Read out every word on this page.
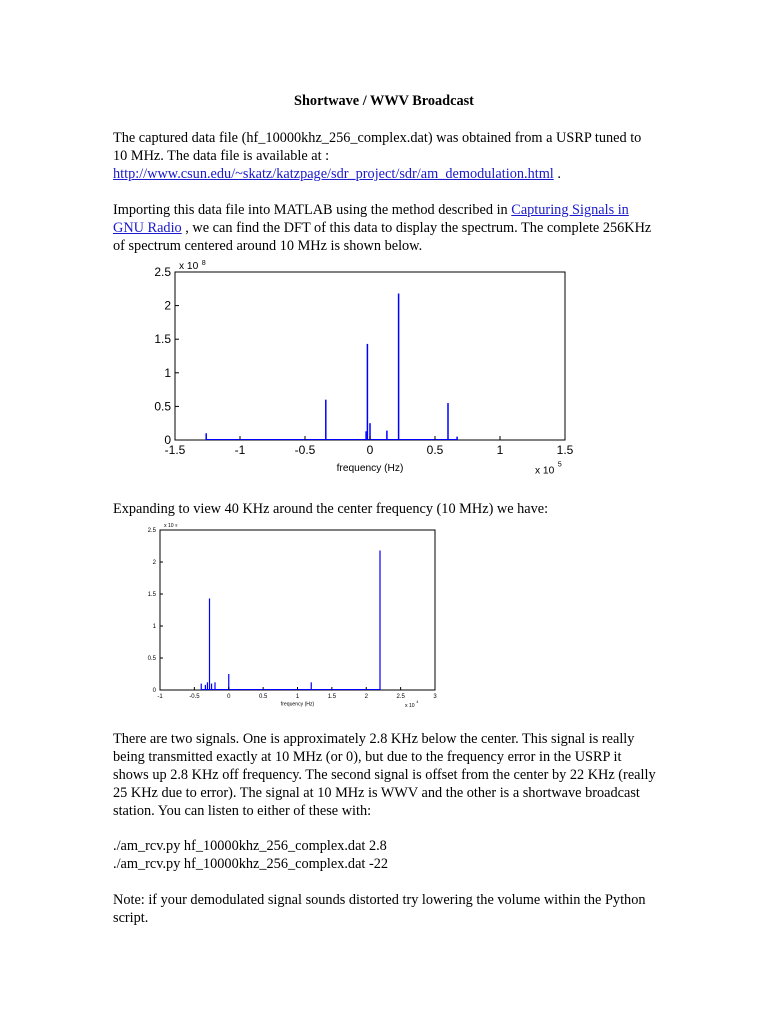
Shortwave / WWV Broadcast
The captured data file (hf_10000khz_256_complex.dat) was obtained from a USRP tuned to 10 MHz. The data file is available at :
http://www.csun.edu/~skatz/katzpage/sdr_project/sdr/am_demodulation.html .
Importing this data file into MATLAB using the method described in Capturing Signals in GNU Radio , we can find the DFT of this data to display the spectrum. The complete 256KHz of spectrum centered around 10 MHz is shown below.
-1.5	-1	-0.5	0	0.5	1	1.5
0
0.5
1
1.5
2
2.5
frequency (Hz)	x 10
5
x 10 8
Expanding to view 40 KHz around the center frequency (10 MHz) we have:
-1	-0.5	0	0.5	1	1.5	2	2.5	3
0
0.5
1
1.5
2
2.5
frequency (Hz)	x 10
4
x 10 8
There are two signals. One is approximately 2.8 KHz below the center. This signal is really being transmitted exactly at 10 MHz (or 0), but due to the frequency error in the USRP it shows up 2.8 KHz off frequency. The second signal is offset from the center by 22 KHz (really 25 KHz due to error). The signal at 10 MHz is WWV and the other is a shortwave broadcast station. You can listen to either of these with:
./am_rcv.py hf_10000khz_256_complex.dat 2.8
./am_rcv.py hf_10000khz_256_complex.dat -22
Note: if your demodulated signal sounds distorted try lowering the volume within the Python script.
